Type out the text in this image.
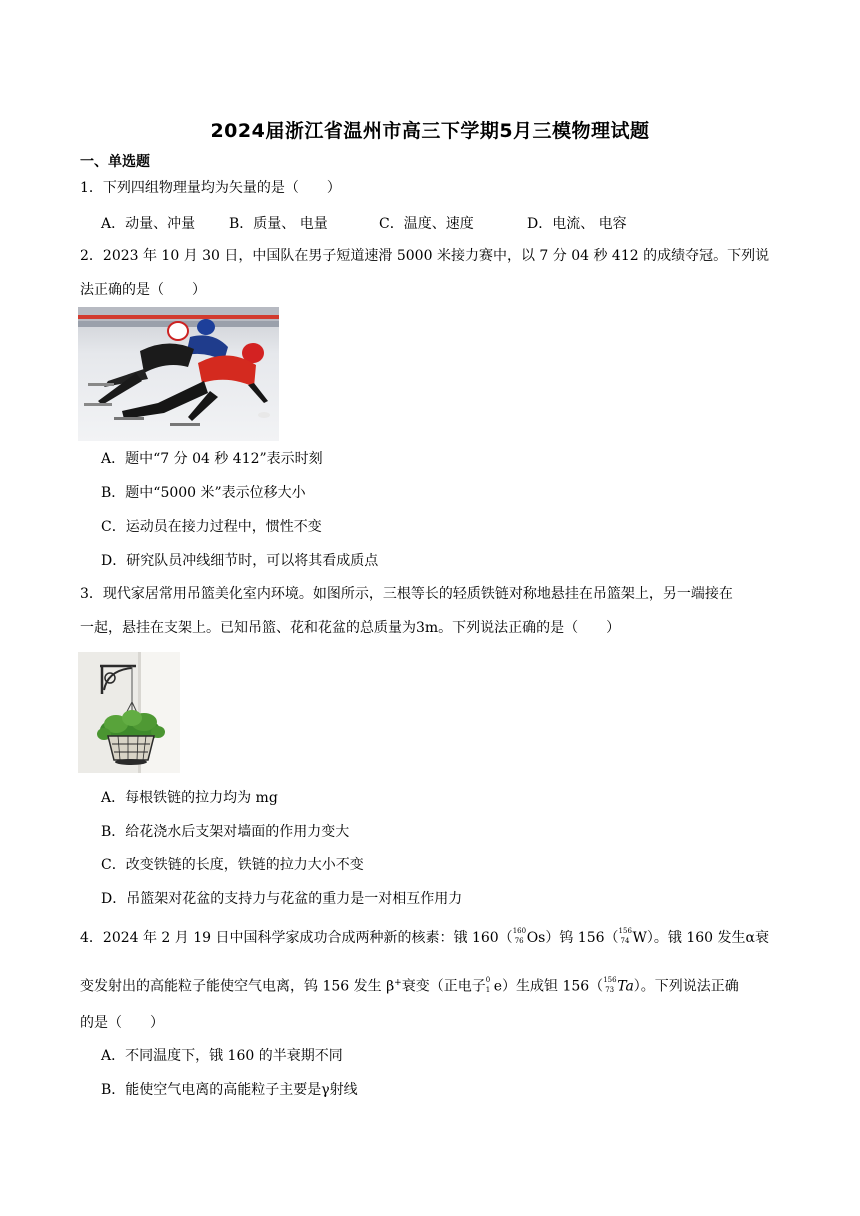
2024届浙江省温州市高三下学期5月三模物理试题
一、单选题
1．下列四组物理量均为矢量的是（　　）
A．动量、冲量 B．质量、 电量	C．温度、速度	D．电流、 电容
2．2023 年 10 月 30 日，中国队在男子短道速滑 5000 米接力赛中，以 7 分 04 秒 412 的成绩夺冠。下列说
法正确的是（　　）
A．题中“7 分 04 秒 412”表示时刻
B．题中“5000 米”表示位移大小
C．运动员在接力过程中，惯性不变
D．研究队员冲线细节时，可以将其看成质点
3．现代家居常用吊篮美化室内环境。如图所示，三根等长的轻质铁链对称地悬挂在吊篮架上，另一端接在
一起，悬挂在支架上。已知吊篮、花和花盆的总质量为3m。下列说法正确的是（　　）
A．每根铁链的拉力均为 mg
B．给花浇水后支架对墙面的作用力变大
C．改变铁链的长度，铁链的拉力大小不变
D．吊篮架对花盆的支持力与花盆的重力是一对相互作用力
4．2024 年 2 月 19 日中国科学家成功合成两种新的核素：锇 160（ 160
76 Os）钨 156（ 156
74 W）。锇 160 发生α衰
变发射出的高能粒子能使空气电离，钨 156 发生 β+衰变（正电子 0
1 e）生成钽 156（ 156
73 Ta）。下列说法正确
的是（　　）
A．不同温度下，锇 160 的半衰期不同
B．能使空气电离的高能粒子主要是γ射线
